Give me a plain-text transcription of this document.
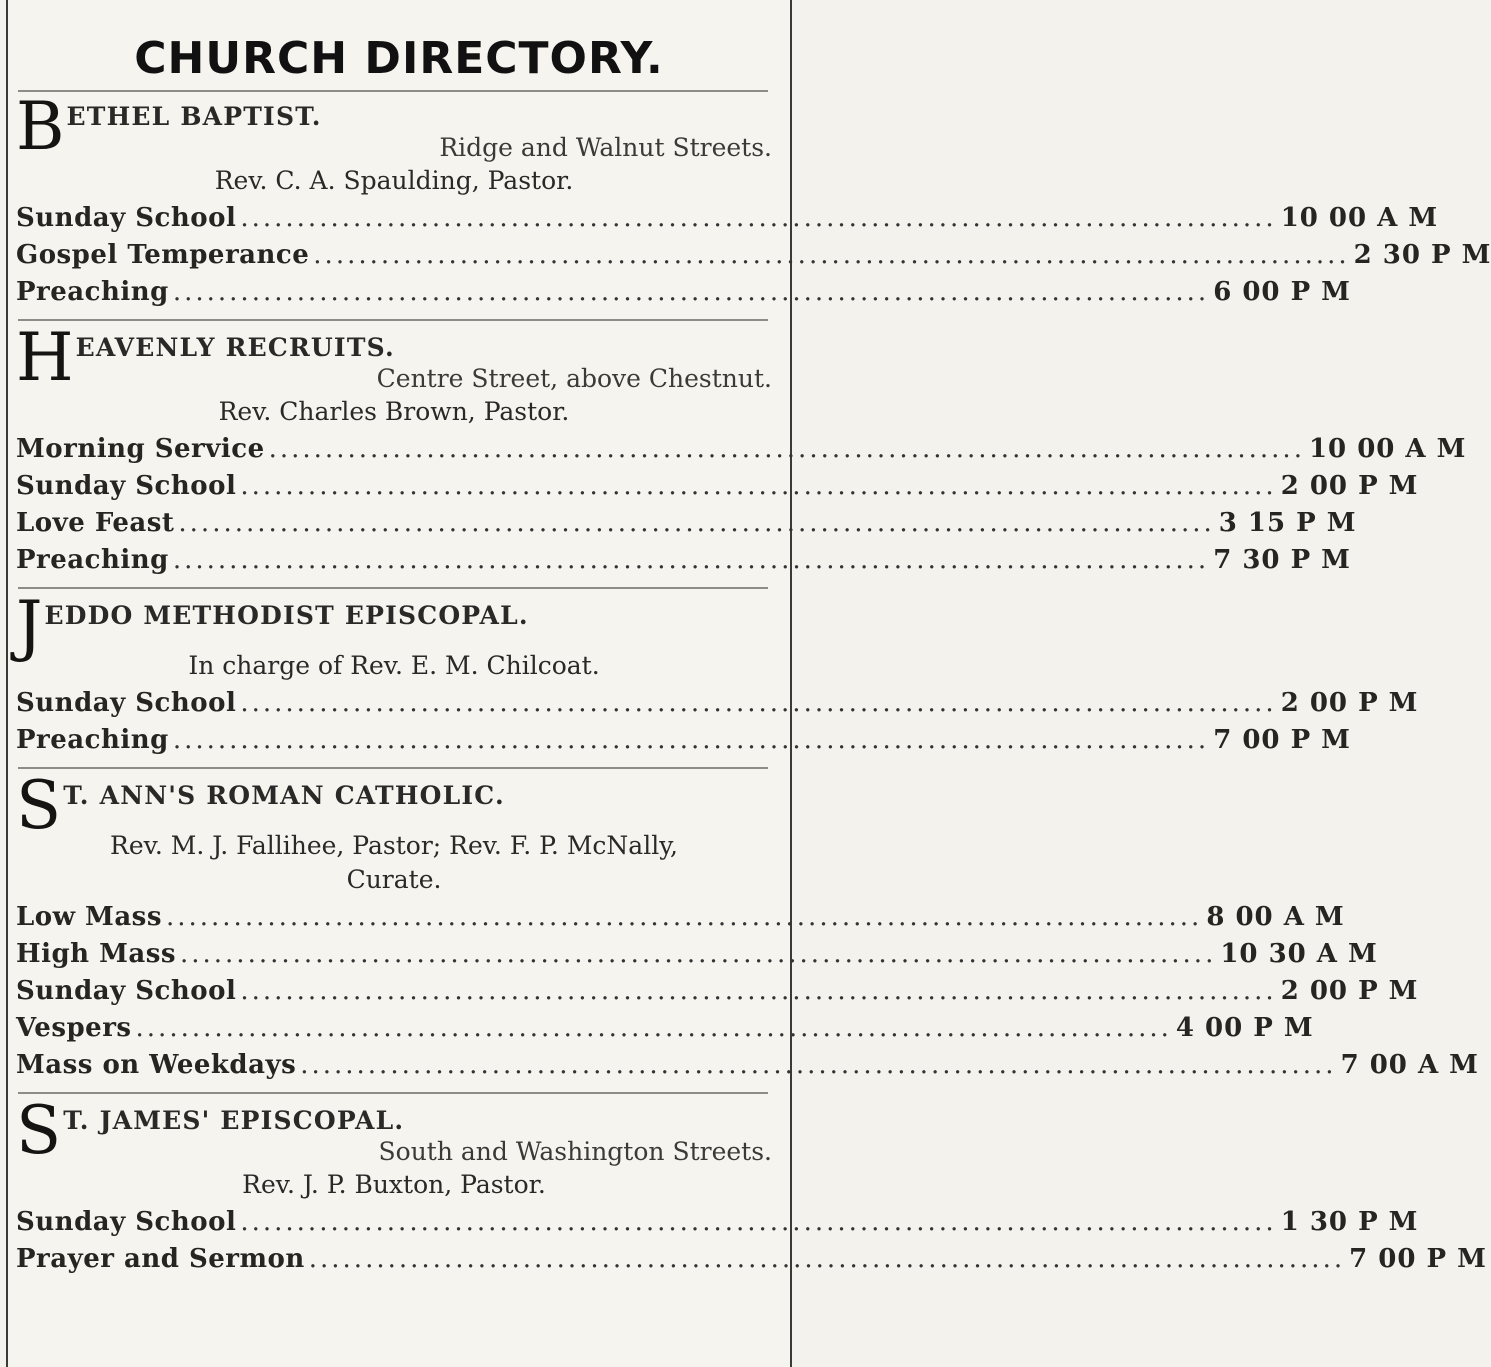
CHURCH DIRECTORY.
B ETHEL BAPTIST.
Ridge and Walnut Streets.
Rev. C. A. Spaulding, Pastor.
Sunday School ............................................................................................ 10 00 A M
Gospel Temperance ............................................................................................ 2 30 P M
Preaching ............................................................................................ 6 00 P M
H EAVENLY RECRUITS.
Centre Street, above Chestnut.
Rev. Charles Brown, Pastor.
Morning Service ............................................................................................ 10 00 A M
Sunday School ............................................................................................ 2 00 P M
Love Feast ............................................................................................ 3 15 P M
Preaching ............................................................................................ 7 30 P M
J EDDO METHODIST EPISCOPAL.
In charge of Rev. E. M. Chilcoat.
Sunday School ............................................................................................ 2 00 P M
Preaching ............................................................................................ 7 00 P M
S T. ANN'S ROMAN CATHOLIC.
Rev. M. J. Fallihee, Pastor; Rev. F. P. McNally,
Curate.
Low Mass ............................................................................................ 8 00 A M
High Mass ............................................................................................ 10 30 A M
Sunday School ............................................................................................ 2 00 P M
Vespers ............................................................................................ 4 00 P M
Mass on Weekdays ............................................................................................ 7 00 A M
S T. JAMES' EPISCOPAL.
South and Washington Streets.
Rev. J. P. Buxton, Pastor.
Sunday School ............................................................................................ 1 30 P M
Prayer and Sermon ............................................................................................ 7 00 P M
